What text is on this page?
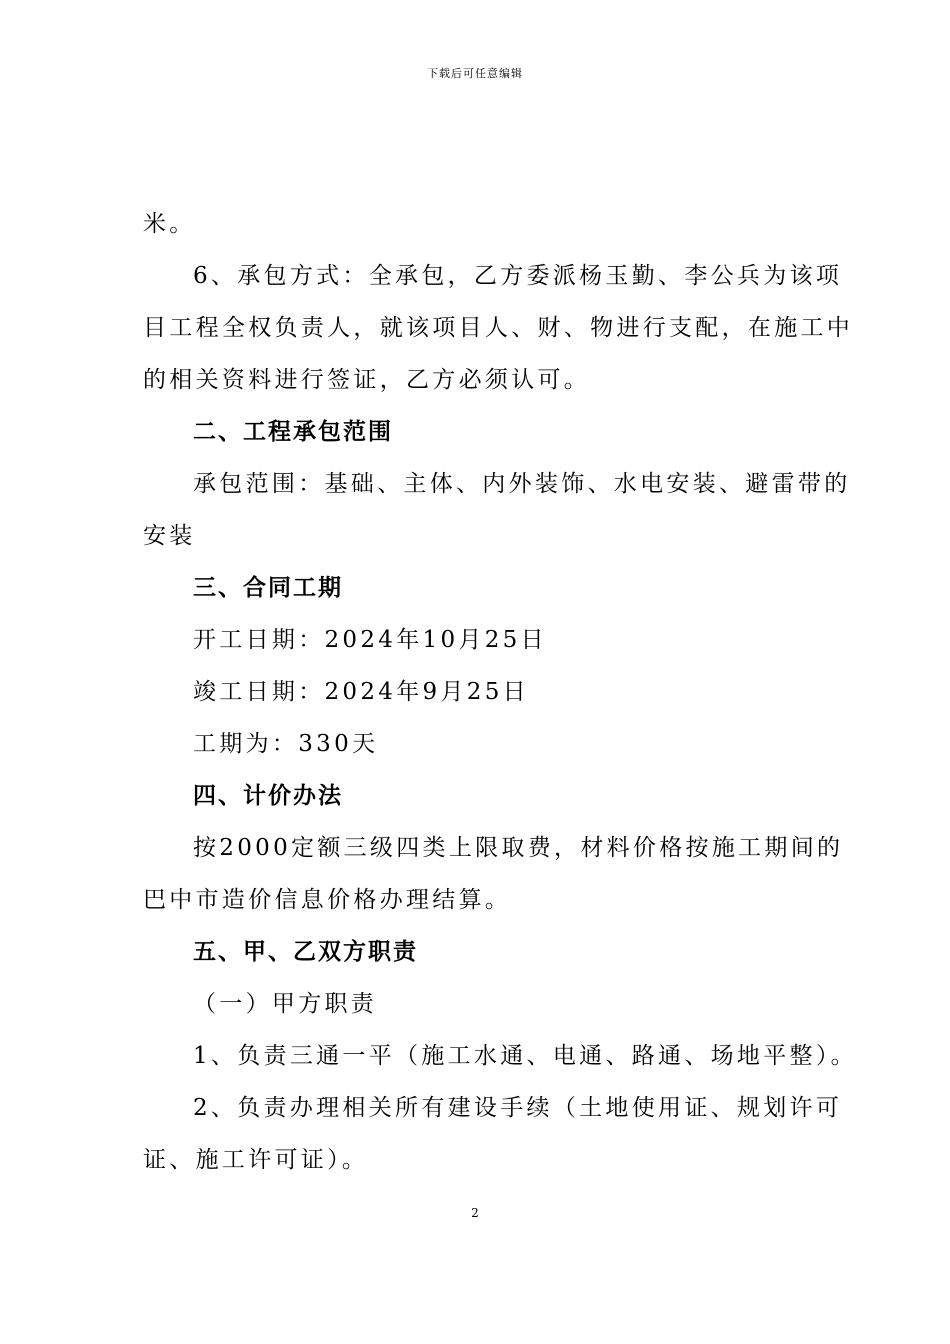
下载后可任意编辑
米。
6、承包方式：全承包，乙方委派杨玉勤、李公兵为该项
目工程全权负责人，就该项目人、财、物进行支配，在施工中
的相关资料进行签证，乙方必须认可。
二、工程承包范围
承包范围：基础、主体、内外装饰、水电安装、避雷带的
安装
三、合同工期
开工日期：2024年10月25日
竣工日期：2024年9月25日
工期为：330天
四、计价办法
按2000定额三级四类上限取费，材料价格按施工期间的
巴中市造价信息价格办理结算。
五、甲、乙双方职责
（一）甲方职责
1、负责三通一平（施工水通、电通、路通、场地平整）。
2、负责办理相关所有建设手续（土地使用证、规划许可
证、施工许可证）。
2
